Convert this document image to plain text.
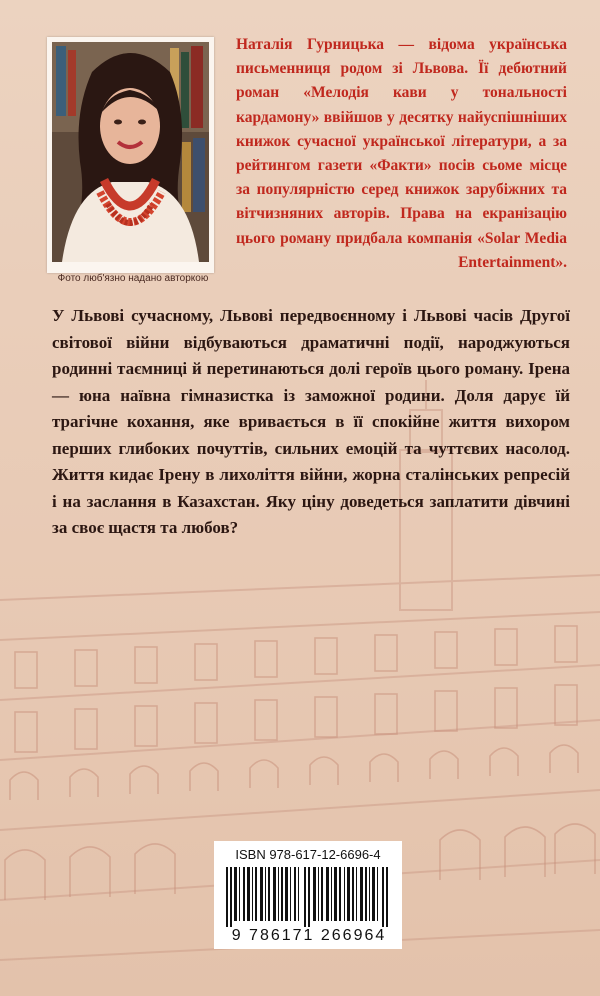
Фото люб'язно надано авторкою

Наталія Гурницька — відома українська письменниця родом зі Львова. Її дебютний роман «Мелодія кави у тональності кардамону» ввійшов у десятку найуспішніших книжок сучасної української літератури, а за рейтингом газети «Факти» посів сьоме місце за популярністю серед книжок зарубіжних та вітчизняних авторів. Права на екранізацію цього роману придбала компанія «Solar Media Entertainment».

У Львові сучасному, Львові передвоєнному і Львові часів Другої світової війни відбуваються драматичні події, народжуються родинні таємниці й перетинаються долі героїв цього роману. Ірена — юна наївна гімназистка із заможної родини. Доля дарує їй трагічне кохання, яке вривається в її спокійне життя вихором перших глибоких почуттів, сильних емоцій та чуттєвих насолод. Життя кидає Ірену в лихоліття війни, жорна сталінських репресій і на заслання в Казахстан. Яку ціну доведеться заплатити дівчині за своє щастя та любов?

ISBN 978-617-12-6696-4
9 786171 266964
